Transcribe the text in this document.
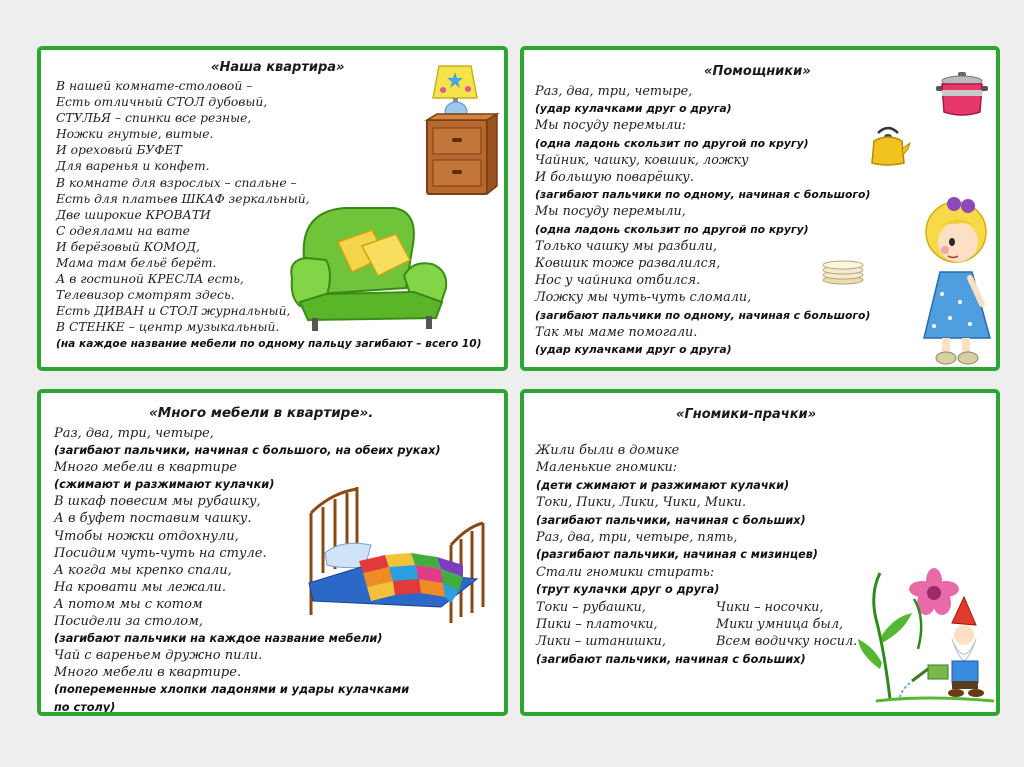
«Наша квартира»
В нашей комнате-столовой –
Есть отличный СТОЛ дубовый,
СТУЛЬЯ – спинки все резные,
Ножки гнутые, витые.
И ореховый БУФЕТ
Для варенья и конфет.
В комнате для взрослых – спальне –
Есть для платьев ШКАФ зеркальный,
Две широкие КРОВАТИ
С одеялами на вате
И берёзовый КОМОД,
Мама там бельё берёт.
А в гостиной КРЕСЛА есть,
Телевизор смотрят здесь.
Есть ДИВАН и СТОЛ журнальный,
В СТЕНКЕ – центр музыкальный.
(на каждое название мебели по одному пальцу загибают – всего 10)
«Помощники»
Раз, два, три, четыре,
(удар кулачками друг о друга)
Мы посуду перемыли:
(одна ладонь скользит по другой по кругу)
Чайник, чашку, ковшик, ложку
И большую поварёшку.
(загибают пальчики по одному, начиная с большого)
Мы посуду перемыли,
(одна ладонь скользит по другой по кругу)
Только чашку мы разбили,
Ковшик тоже развалился,
Нос у чайника отбился.
Ложку мы чуть-чуть сломали,
(загибают пальчики по одному, начиная с большого)
Так мы маме помогали.
(удар кулачками друг о друга)
«Много мебели в квартире».
Раз, два, три, четыре,
(загибают пальчики, начиная с большого, на обеих руках)
Много мебели в квартире
(сжимают и разжимают кулачки)
В шкаф повесим мы рубашку,
А в буфет поставим чашку.
Чтобы ножки отдохнули,
Посидим чуть-чуть на стуле.
А когда мы крепко спали,
На кровати мы лежали.
А потом мы с котом
Посидели за столом,
(загибают пальчики на каждое название мебели)
Чай с вареньем дружно пили.
Много мебели в квартире.
(попеременные хлопки ладонями и удары кулачками
по столу)
«Гномики-прачки»
Жили были в домике
Маленькие гномики:
(дети сжимают и разжимают кулачки)
Токи, Пики, Лики, Чики, Мики.
(загибают пальчики, начиная с больших)
Раз, два, три, четыре, пять,
(разгибают пальчики, начиная с мизинцев)
Стали гномики стирать:
(трут кулачки друг о друга)
Токи – рубашки,	Чики – носочки,
Пики – платочки,	Мики умница был,
Лики – штанишки,	Всем водичку носил.
(загибают пальчики, начиная с больших)
